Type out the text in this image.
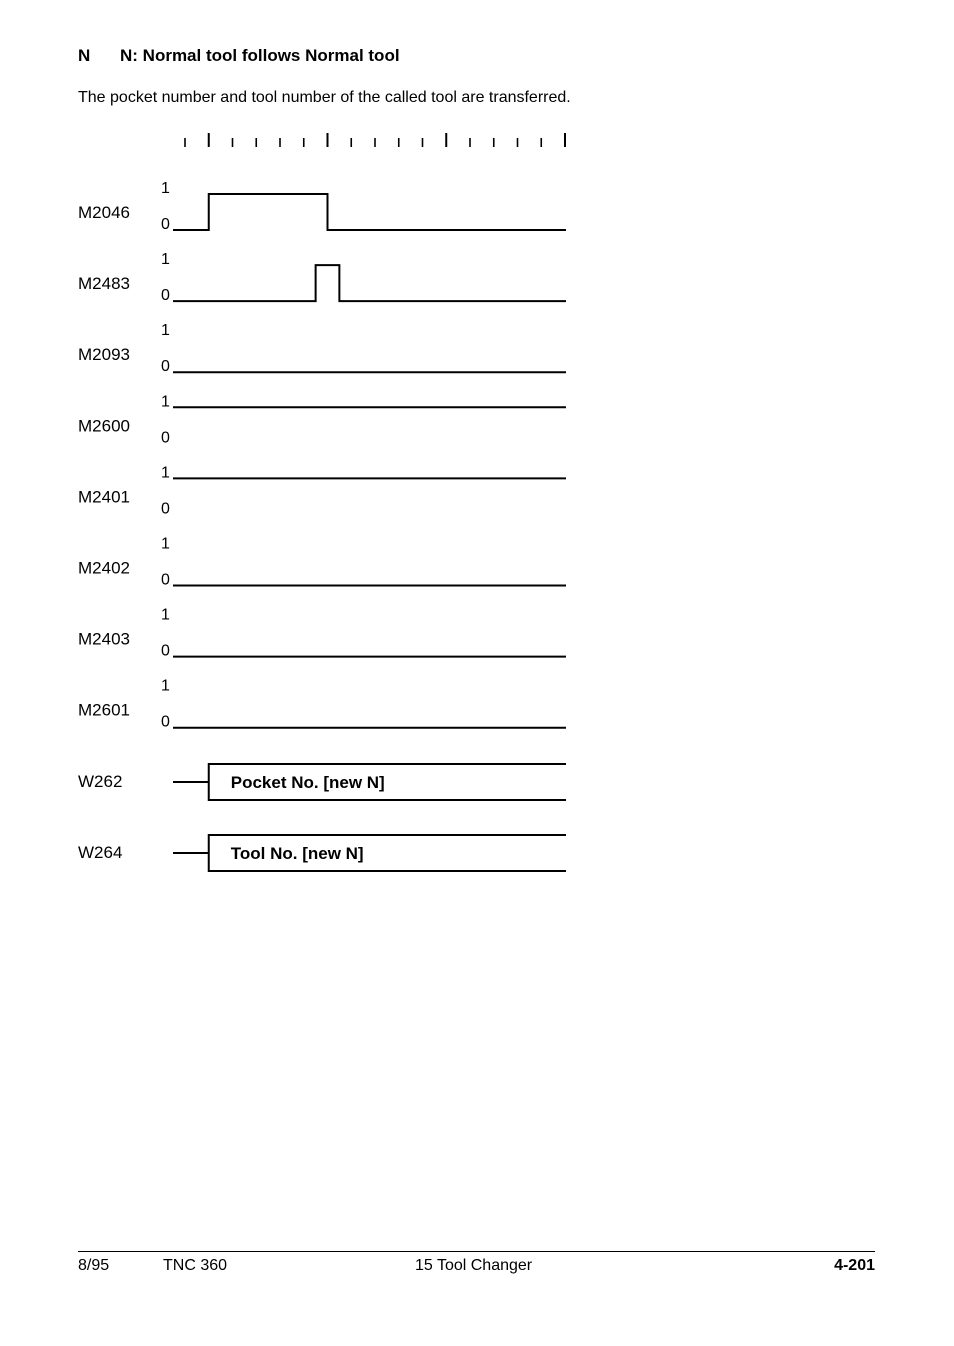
N N: Normal tool follows Normal tool
The pocket number and tool number of the called tool are transferred.
M2046
1
0
M2483
1
0
M2093
1
0
M2600
1
0
M2401
1
0
M2402
1
0
M2403
1
0
M2601
1
0
W262	Pocket No. [new N]
W264	Tool No. [new N]
8/95	TNC 360	15 Tool Changer	4-201
